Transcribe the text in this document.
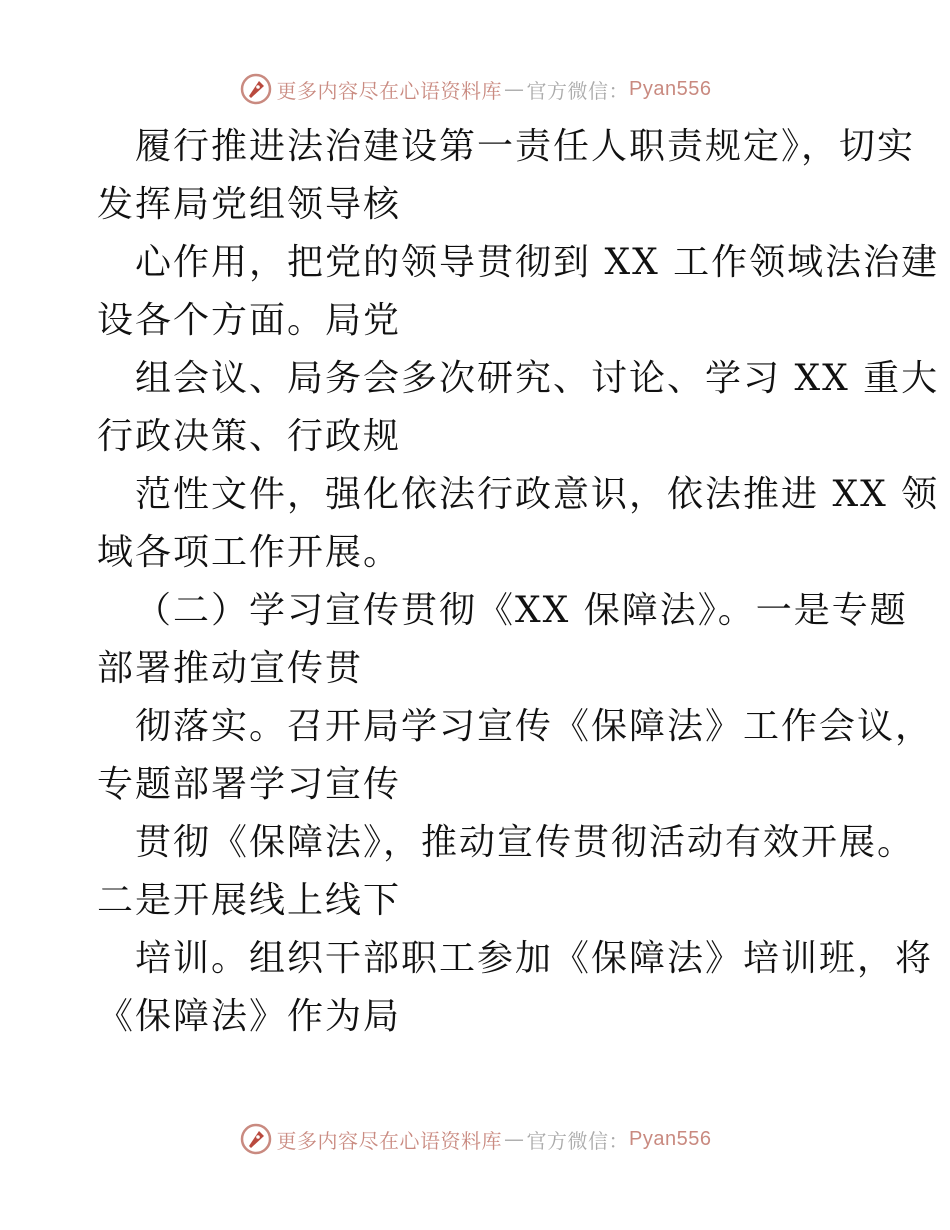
更多内容尽在心语资料库 — 官方微信： Pyan556
履行推进法治建设第一责任人职责规定》，切实
发挥局党组领导核
心作用，把党的领导贯彻到 XX 工作领域法治建
设各个方面。局党
组会议、局务会多次研究、讨论、学习 XX 重大
行政决策、行政规
范性文件，强化依法行政意识，依法推进 XX 领
域各项工作开展。
（二）学习宣传贯彻《XX 保障法》。一是专题
部署推动宣传贯
彻落实。召开局学习宣传《保障法》工作会议，
专题部署学习宣传
贯彻《保障法》，推动宣传贯彻活动有效开展。
二是开展线上线下
培训。组织干部职工参加《保障法》培训班，将
《保障法》作为局
更多内容尽在心语资料库 — 官方微信： Pyan556
